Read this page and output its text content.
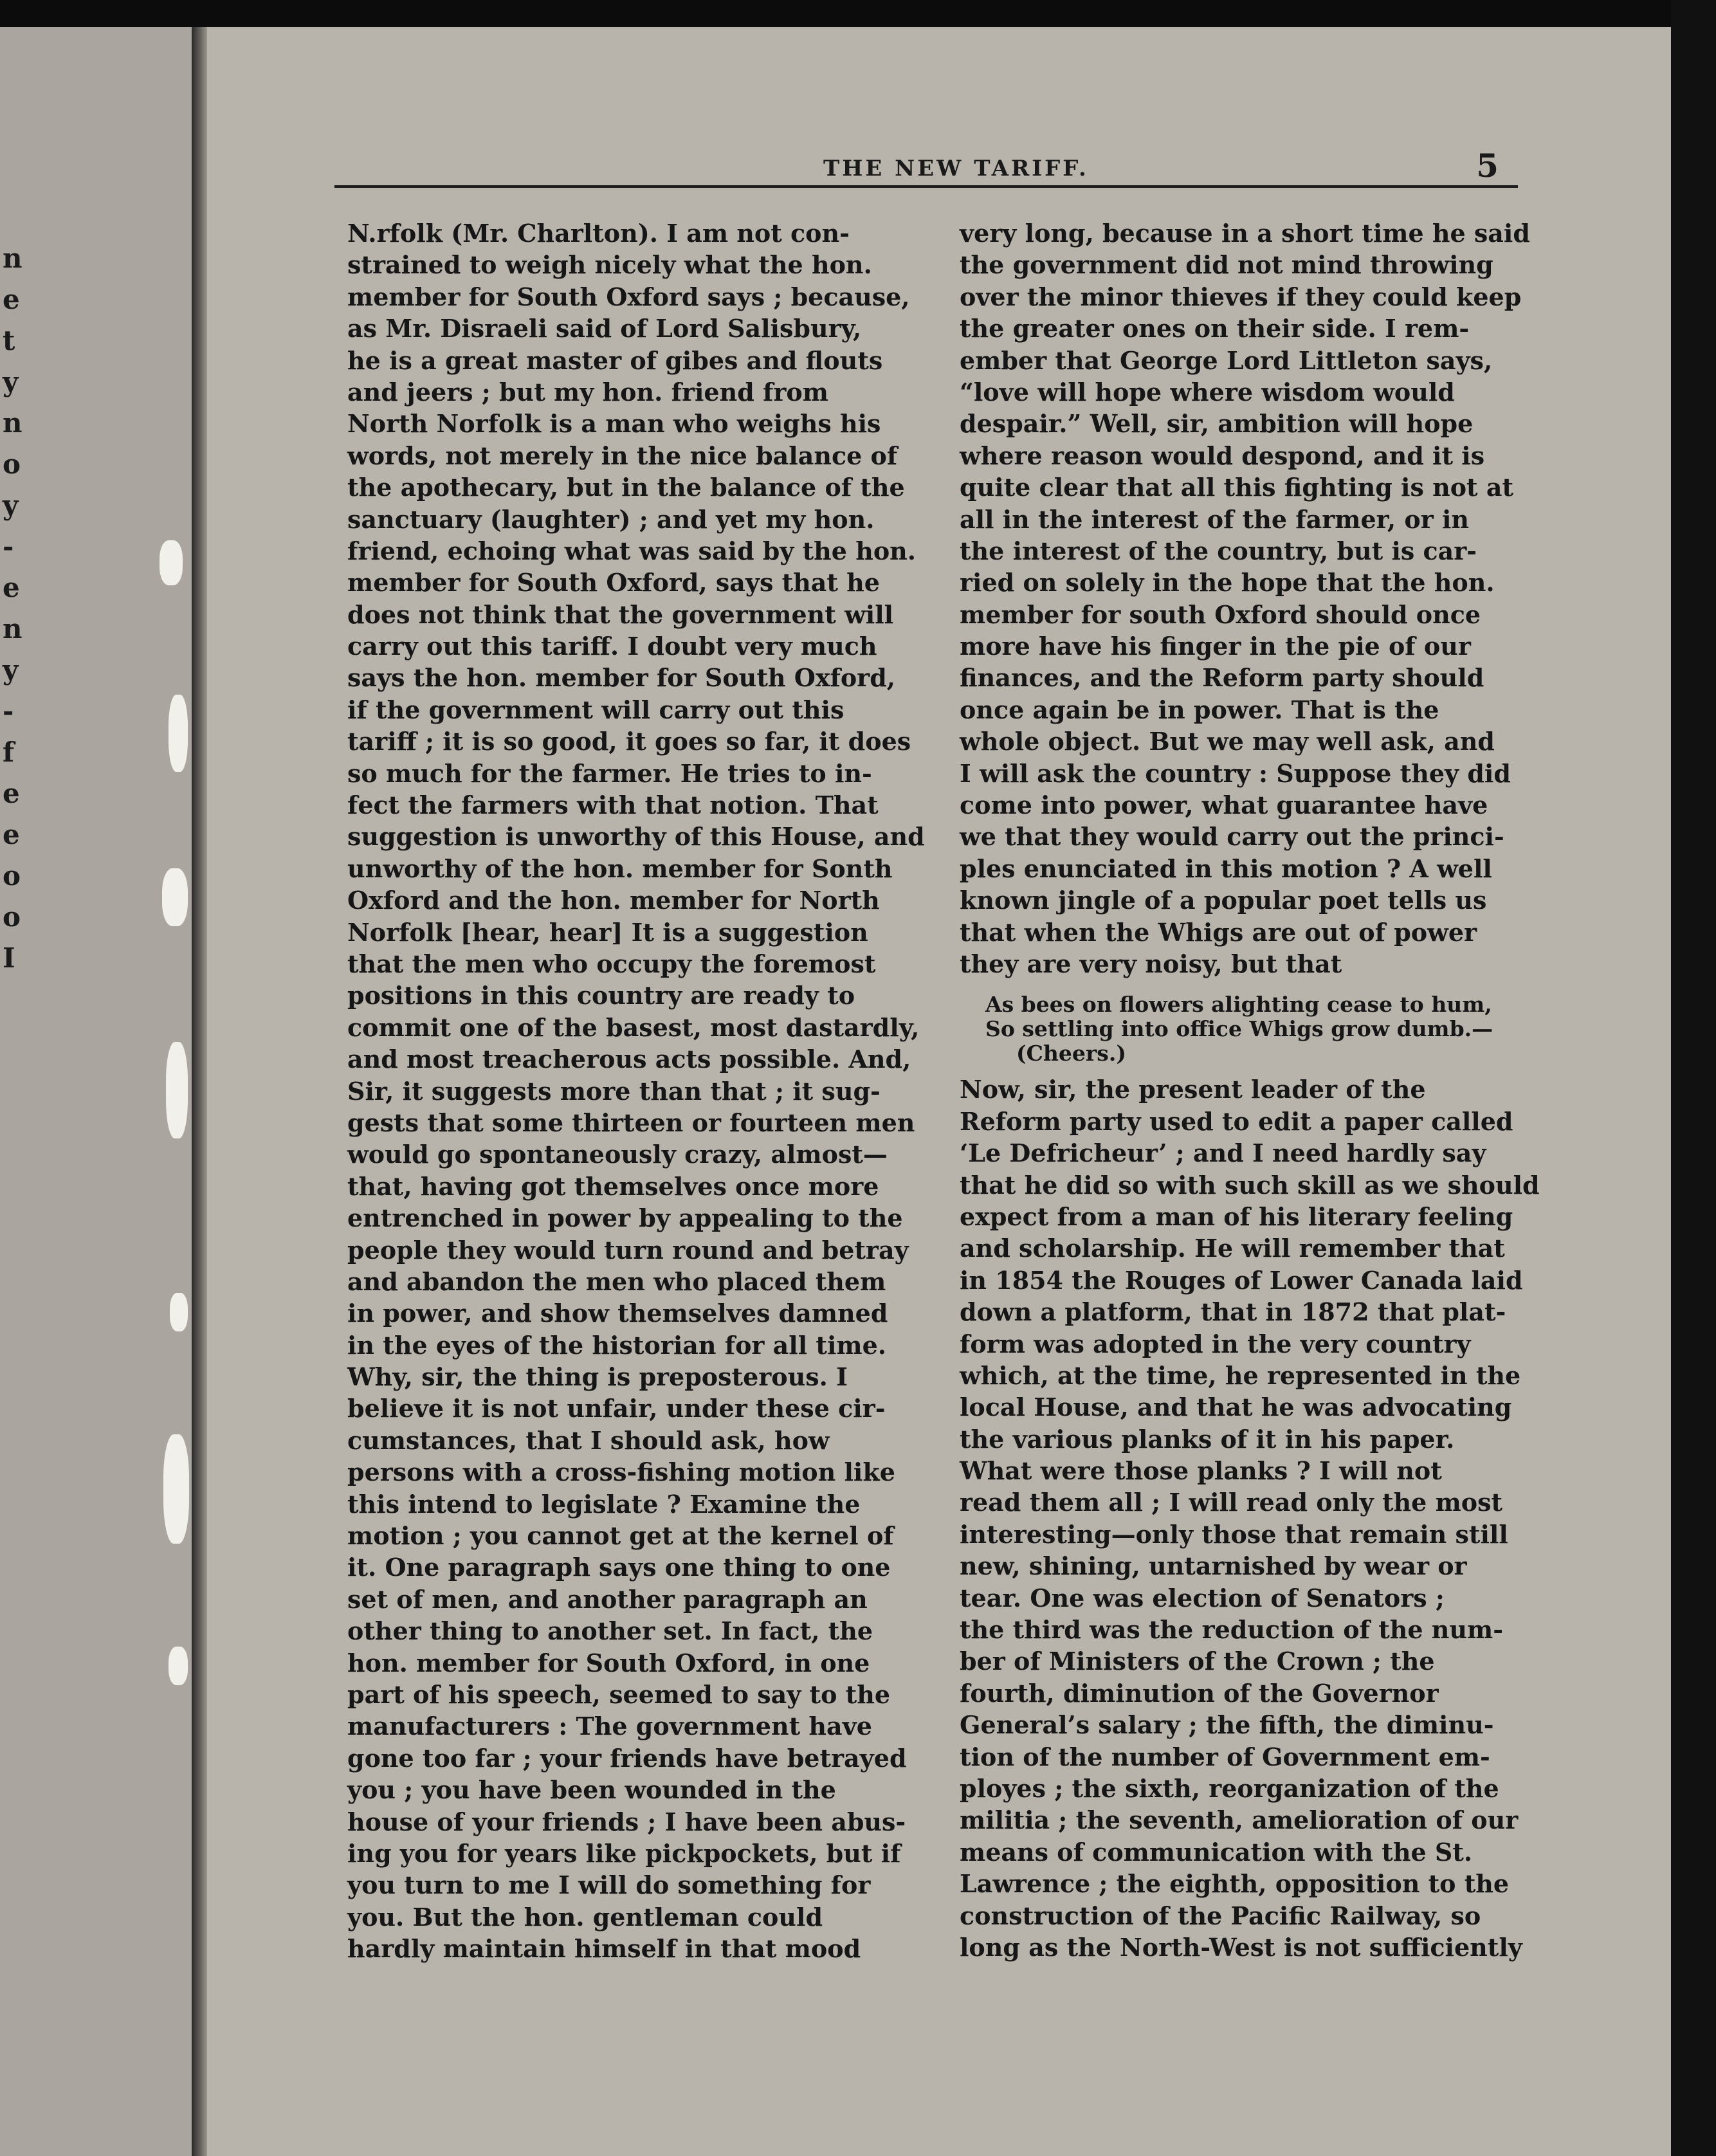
n
e
t
y
n
o
y
-
e
n
y
-
f
e
e
o
o
I
THE NEW TARIFF.	5
N.rfolk (Mr. Charlton). I am not con-
strained to weigh nicely what the hon.
member for South Oxford says ; because,
as Mr. Disraeli said of Lord Salisbury,
he is a great master of gibes and flouts
and jeers ; but my hon. friend from
North Norfolk is a man who weighs his
words, not merely in the nice balance of
the apothecary, but in the balance of the
sanctuary (laughter) ; and yet my hon.
friend, echoing what was said by the hon.
member for South Oxford, says that he
does not think that the government will
carry out this tariff. I doubt very much
says the hon. member for South Oxford,
if the government will carry out this
tariff ; it is so good, it goes so far, it does
so much for the farmer. He tries to in-
fect the farmers with that notion. That
suggestion is unworthy of this House, and
unworthy of the hon. member for Sonth
Oxford and the hon. member for North
Norfolk [hear, hear] It is a suggestion
that the men who occupy the foremost
positions in this country are ready to
commit one of the basest, most dastardly,
and most treacherous acts possible. And,
Sir, it suggests more than that ; it sug-
gests that some thirteen or fourteen men
would go spontaneously crazy, almost—
that, having got themselves once more
entrenched in power by appealing to the
people they would turn round and betray
and abandon the men who placed them
in power, and show themselves damned
in the eyes of the historian for all time.
Why, sir, the thing is preposterous. I
believe it is not unfair, under these cir-
cumstances, that I should ask, how
persons with a cross-fishing motion like
this intend to legislate ? Examine the
motion ; you cannot get at the kernel of
it. One paragraph says one thing to one
set of men, and another paragraph an
other thing to another set. In fact, the
hon. member for South Oxford, in one
part of his speech, seemed to say to the
manufacturers : The government have
gone too far ; your friends have betrayed
you ; you have been wounded in the
house of your friends ; I have been abus-
ing you for years like pickpockets, but if
you turn to me I will do something for
you. But the hon. gentleman could
hardly maintain himself in that mood
very long, because in a short time he said
the government did not mind throwing
over the minor thieves if they could keep
the greater ones on their side. I rem-
ember that George Lord Littleton says,
“love will hope where wisdom would
despair.” Well, sir, ambition will hope
where reason would despond, and it is
quite clear that all this fighting is not at
all in the interest of the farmer, or in
the interest of the country, but is car-
ried on solely in the hope that the hon.
member for south Oxford should once
more have his finger in the pie of our
finances, and the Reform party should
once again be in power. That is the
whole object. But we may well ask, and
I will ask the country : Suppose they did
come into power, what guarantee have
we that they would carry out the princi-
ples enunciated in this motion ? A well
known jingle of a popular poet tells us
that when the Whigs are out of power
they are very noisy, but that
As bees on flowers alighting cease to hum,
So settling into office Whigs grow dumb.—
(Cheers.)
Now, sir, the present leader of the
Reform party used to edit a paper called
‘Le Defricheur’ ; and I need hardly say
that he did so with such skill as we should
expect from a man of his literary feeling
and scholarship. He will remember that
in 1854 the Rouges of Lower Canada laid
down a platform, that in 1872 that plat-
form was adopted in the very country
which, at the time, he represented in the
local House, and that he was advocating
the various planks of it in his paper.
What were those planks ? I will not
read them all ; I will read only the most
interesting—only those that remain still
new, shining, untarnished by wear or
tear. One was election of Senators ;
the third was the reduction of the num-
ber of Ministers of the Crown ; the
fourth, diminution of the Governor
General’s salary ; the fifth, the diminu-
tion of the number of Government em-
ployes ; the sixth, reorganization of the
militia ; the seventh, amelioration of our
means of communication with the St.
Lawrence ; the eighth, opposition to the
construction of the Pacific Railway, so
long as the North-West is not sufficiently
